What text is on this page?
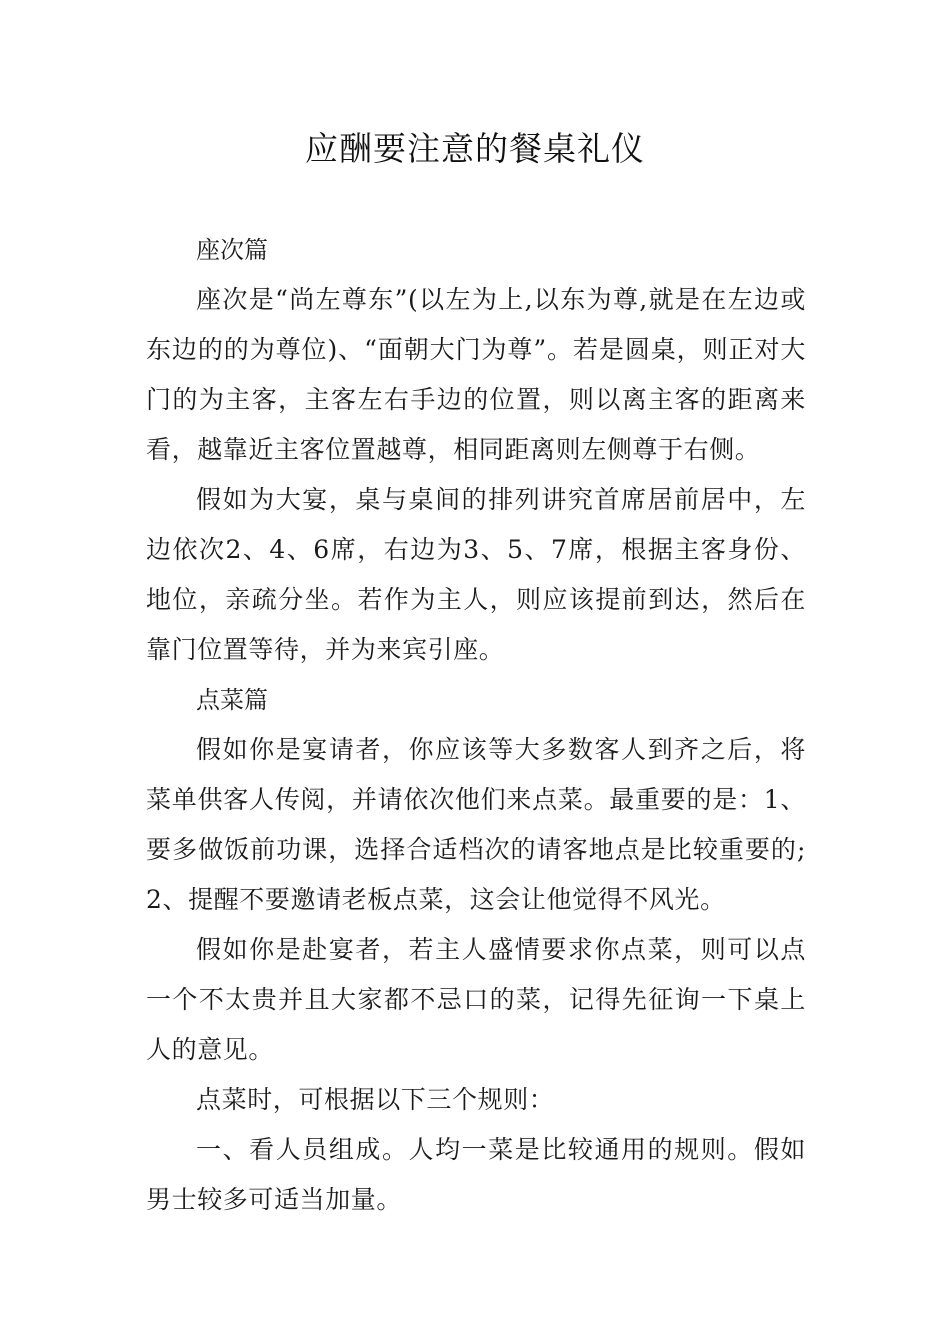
应酬要注意的餐桌礼仪
座次篇

座次是“尚左尊东”(以左为上,以东为尊,就是在左边或东边的的为尊位)、“面朝大门为尊”。若是圆桌，则正对大门的为主客，主客左右手边的位置，则以离主客的距离来看，越靠近主客位置越尊，相同距离则左侧尊于右侧。

假如为大宴，桌与桌间的排列讲究首席居前居中，左边依次2、4、6席，右边为3、5、7席，根据主客身份、地位，亲疏分坐。若作为主人，则应该提前到达，然后在靠门位置等待，并为来宾引座。

点菜篇

假如你是宴请者，你应该等大多数客人到齐之后，将菜单供客人传阅，并请依次他们来点菜。最重要的是：1、要多做饭前功课，选择合适档次的请客地点是比较重要的;2、提醒不要邀请老板点菜，这会让他觉得不风光。

假如你是赴宴者，若主人盛情要求你点菜，则可以点一个不太贵并且大家都不忌口的菜，记得先征询一下桌上人的意见。

点菜时，可根据以下三个规则：

一、看人员组成。人均一菜是比较通用的规则。假如男士较多可适当加量。
